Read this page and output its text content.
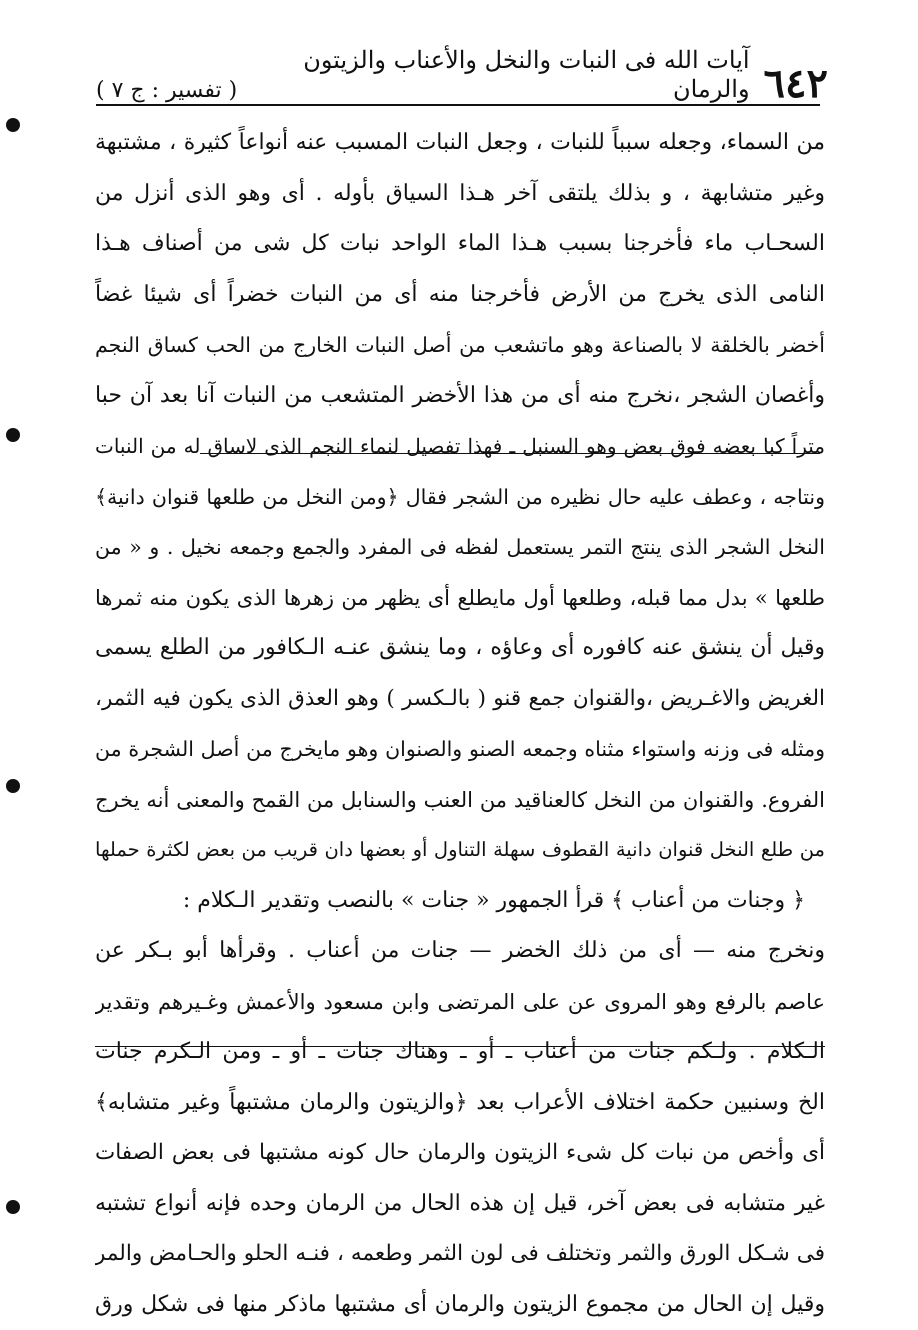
٦٤٢
آيات الله فى النبات والنخل والأعناب والزيتون والرمان
( تفسير : ج ٧ )
من السماء، وجعله سبباً للنبات ، وجعل النبات المسبب عنه أنواعاً كثيرة ، مشتبهة
وغير متشابهة ، و بذلك يلتقى آخر هـذا السياق بأوله . أى وهو الذى أنزل من
السحـاب ماء فأخرجنا بسبب هـذا الماء الواحد نبات كل شى من أصناف هـذا
النامى الذى يخرج من الأرض فأخرجنا منه أى من النبات خضراً أى شيئا غضاً
أخضر بالخلقة لا بالصناعة وهو ماتشعب من أصل النبات الخارج من الحب كساق النجم
وأغصان الشجر ،نخرج منه أى من هذا الأخضر المتشعب من النبات آنا بعد آن حبا
متراً كبا بعضه فوق بعض وهو السنبل ـ فهذا تفصيل لنماء النجم الذى لاساق له من النبات
ونتاجه ، وعطف عليه حال نظيره من الشجر فقال ﴿ومن النخل من طلعها قنوان دانية﴾
النخل الشجر الذى ينتج التمر يستعمل لفظه فى المفرد والجمع وجمعه نخيل . و « من
طلعها » بدل مما قبله، وطلعها أول مايطلع أى يظهر من زهرها الذى يكون منه ثمرها
وقيل أن ينشق عنه كافوره أى وعاؤه ، وما ينشق عنـه الـكافور من الطلع يسمى
الغريض والاغـريض ،والقنوان جمع قنو ( بالـكسر ) وهو العذق الذى يكون فيه الثمر،
ومثله فى وزنه واستواء مثناه وجمعه الصنو والصنوان وهو مايخرج من أصل الشجرة من
الفروع. والقنوان من النخل كالعناقيد من العنب والسنابل من القمح والمعنى أنه يخرج
من طلع النخل قنوان دانية القطوف سهلة التناول أو بعضها دان قريب من بعض لكثرة حملها
﴿ وجنات من أعناب ﴾ قرأ الجمهور « جنات » بالنصب وتقدير الـكلام :
ونخرج منه — أى من ذلك الخضر — جنات من أعناب . وقرأها أبو بـكر عن
عاصم بالرفع وهو المروى عن على المرتضى وابن مسعود والأعمش وغـيرهم وتقدير
الـكلام . ولـكم جنات من أعناب ـ أو ـ وهناك جنات ـ أو ـ ومن الـكرم جنات
الخ وسنبين حكمة اختلاف الأعراب بعد ﴿والزيتون والرمان مشتبهاً وغير متشابه﴾
أى وأخص من نبات كل شىء الزيتون والرمان حال كونه مشتبها فى بعض الصفات
غير متشابه فى بعض آخر، قيل إن هذه الحال من الرمان وحده فإنه أنواع تشتبه
فى شـكل الورق والثمر وتختلف فى لون الثمر وطعمه ، فنـه الحلو والحـامض والمر
وقيل إن الحال من مجموع الزيتون والرمان أى مشتبها ماذكر منها فى شكل ورق
